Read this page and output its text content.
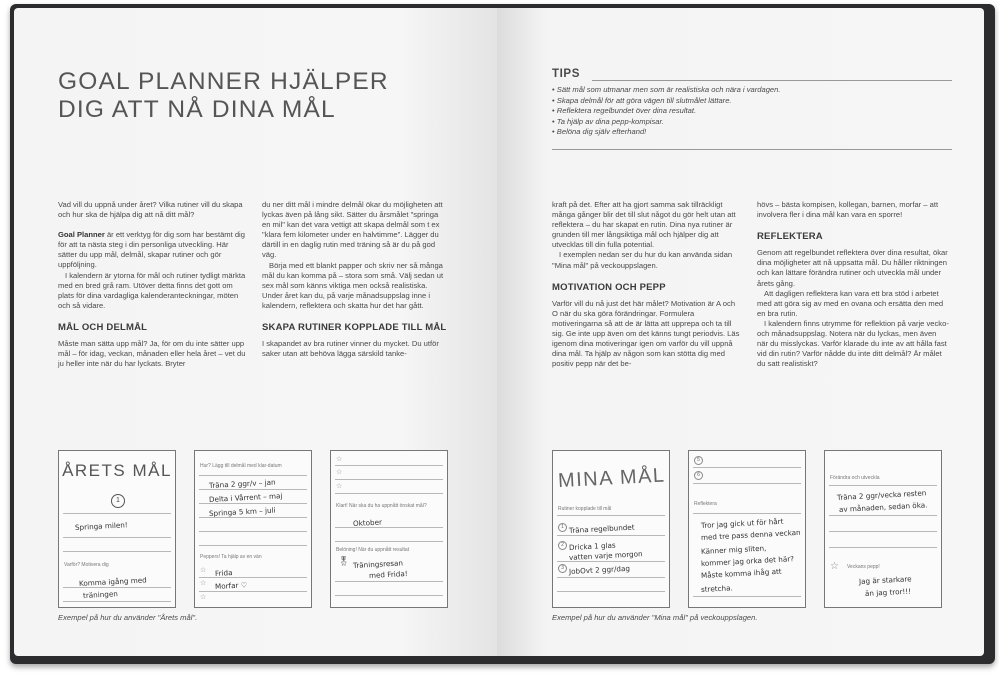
GOAL PLANNER HJÄLPER
DIG ATT NÅ DINA MÅL

Vad vill du uppnå under året? Vilka rutiner vill du skapa och hur ska de hjälpa dig att nå ditt mål?

Goal Planner är ett verktyg för dig som har bestämt dig för att ta nästa steg i din personliga utveckling. Här sätter du upp mål, delmål, skapar rutiner och gör uppföljning.

I kalendern är ytorna för mål och rutiner tydligt märkta med en bred grå ram. Utöver detta finns det gott om plats för dina vardagliga kalenderanteckningar, möten och så vidare.

MÅL OCH DELMÅL

Måste man sätta upp mål? Ja, för om du inte sätter upp mål – för idag, veckan, månaden eller hela året – vet du ju heller inte när du har lyckats. Bryter

du ner ditt mål i mindre delmål ökar du möjligheten att lyckas även på lång sikt. Sätter du årsmålet "springa en mil" kan det vara vettigt att skapa delmål som t ex "klara fem kilometer under en halvtimme". Lägger du därtill in en daglig rutin med träning så är du på god väg.

Börja med ett blankt papper och skriv ner så många mål du kan komma på – stora som små. Välj sedan ut sex mål som känns viktiga men också realistiska. Under året kan du, på varje månadsuppslag inne i kalendern, reflektera och skatta hur det har gått.

SKAPA RUTINER KOPPLADE TILL MÅL

I skapandet av bra rutiner vinner du mycket. Du utför saker utan att behöva lägga särskild tanke-

ÅRETS MÅL
1
Springa milen!
Varför? Motivera dig
Komma igång med
träningen
Hur? Lägg till delmål med klar-datum
Träna 2 ggr/v – jan
Delta i Vårrent – maj
Springa 5 km – juli
Peppers! Ta hjälp av en vän
☆ Frida
☆ Morfar ♡
☆
☆
☆
☆
Klart! När ska du ha uppnått önskat mål?
Oktober
Belöning! När du uppnått resultat
🎖 Träningsresan
med Frida!
Exempel på hur du använder "Årets mål".
TIPS
• Sätt mål som utmanar men som är realistiska och nära i vardagen.
• Skapa delmål för att göra vägen till slutmålet lättare.
• Reflektera regelbundet över dina resultat.
• Ta hjälp av dina pepp-kompisar.
• Belöna dig själv efterhand!

kraft på det. Efter att ha gjort samma sak tillräckligt många gånger blir det till slut något du gör helt utan att reflektera – du har skapat en rutin. Dina nya rutiner är grunden till mer långsiktiga mål och hjälper dig att utvecklas till din fulla potential.

I exemplen nedan ser du hur du kan använda sidan "Mina mål" på veckouppslagen.

MOTIVATION OCH PEPP

Varför vill du nå just det här målet? Motivation är A och O när du ska göra förändringar. Formulera motiveringarna så att de är lätta att upprepa och ta till sig. Ge inte upp även om det känns tungt periodvis. Läs igenom dina motiveringar igen om varför du vill uppnå dina mål. Ta hjälp av någon som kan stötta dig med positiv pepp när det be-

hövs – bästa kompisen, kollegan, barnen, morfar – att involvera fler i dina mål kan vara en sporre!

REFLEKTERA

Genom att regelbundet reflektera över dina resultat, ökar dina möjligheter att nå uppsatta mål. Du håller riktningen och kan lättare förändra rutiner och utveckla mål under årets gång.

Att dagligen reflektera kan vara ett bra stöd i arbetet med att göra sig av med en ovana och ersätta den med en bra rutin.

I kalendern finns utrymme för reflektion på varje vecko- och månadsuppslag. Notera när du lyckas, men även när du misslyckas. Varför klarade du inte av att hålla fast vid din rutin? Varför nådde du inte ditt delmål? Är målet du satt realistiskt?

MINA MÅL
Rutiner kopplade till mål
1 Träna regelbundet
2 Dricka 1 glas
vatten varje morgon
3 JobOvt 2 ggr/dag
5
6
Reflektera
Tror jag gick ut för hårt
med tre pass denna veckan
Känner mig sliten,
kommer jag orka det här?
Måste komma ihåg att
stretcha.
Förändra och utveckla
Träna 2 ggr/vecka resten
av månaden, sedan öka.
☆ Veckans pepp!
Jag är starkare
än jag tror!!!
Exempel på hur du använder "Mina mål" på veckouppslagen.
